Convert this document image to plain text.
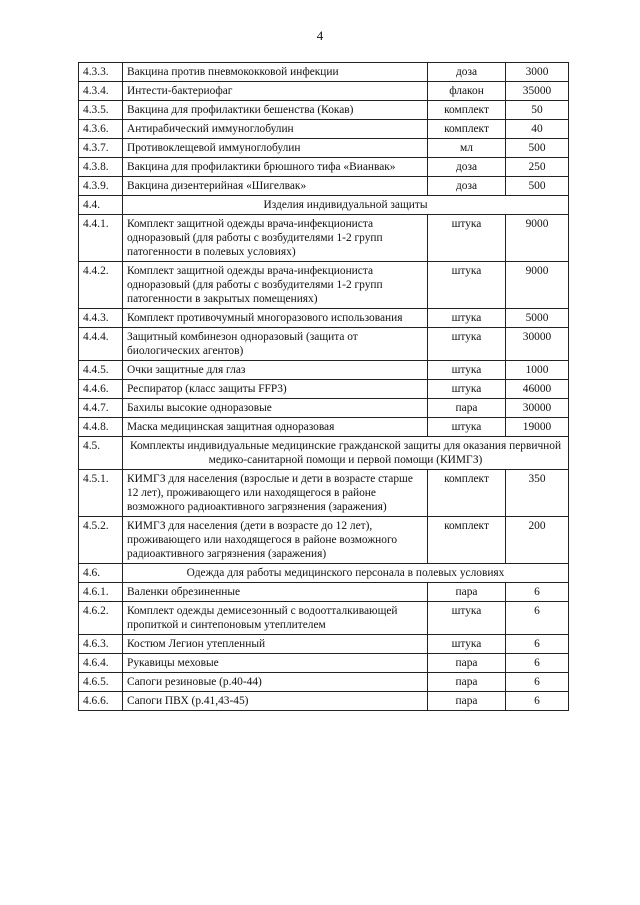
4
4.3.3.	Вакцина против пневмококковой инфекции	доза	3000
4.3.4.	Интести-бактериофаг	флакон	35000
4.3.5.	Вакцина для профилактики бешенства (Кокав)	комплект	50
4.3.6.	Антирабический иммуноглобулин	комплект	40
4.3.7.	Противоклещевой иммуноглобулин	мл	500
4.3.8.	Вакцина для профилактики брюшного тифа «Вианвак»	доза	250
4.3.9.	Вакцина дизентерийная «Шигелвак»	доза	500
4.4.	Изделия индивидуальной защиты		
4.4.1.	Комплект защитной одежды врача-инфекциониста одноразовый (для работы с возбудителями 1-2 групп патогенности в полевых условиях)	штука	9000
4.4.2.	Комплект защитной одежды врача-инфекциониста одноразовый (для работы с возбудителями 1-2 групп патогенности в закрытых помещениях)	штука	9000
4.4.3.	Комплект противочумный многоразового использования	штука	5000
4.4.4.	Защитный комбинезон одноразовый (защита от биологических агентов)	штука	30000
4.4.5.	Очки защитные для глаз	штука	1000
4.4.6.	Респиратор (класс защиты FFP3)	штука	46000
4.4.7.	Бахилы высокие одноразовые	пара	30000
4.4.8.	Маска медицинская защитная одноразовая	штука	19000
4.5.	Комплекты индивидуальные медицинские гражданской защиты для оказания первичной медико-санитарной помощи и первой помощи (КИМГЗ)		
4.5.1.	КИМГЗ для населения (взрослые и дети в возрасте старше 12 лет), проживающего или находящегося в районе возможного радиоактивного загрязнения (заражения)	комплект	350
4.5.2.	КИМГЗ для населения (дети в возрасте до 12 лет), проживающего или находящегося в районе возможного радиоактивного загрязнения (заражения)	комплект	200
4.6.	Одежда для работы медицинского персонала в полевых условиях		
4.6.1.	Валенки обрезиненные	пара	6
4.6.2.	Комплект одежды демисезонный с водоотталкивающей пропиткой и синтепоновым утеплителем	штука	6
4.6.3.	Костюм Легион утепленный	штука	6
4.6.4.	Рукавицы меховые	пара	6
4.6.5.	Сапоги резиновые (р.40-44)	пара	6
4.6.6.	Сапоги ПВХ (р.41,43-45)	пара	6
